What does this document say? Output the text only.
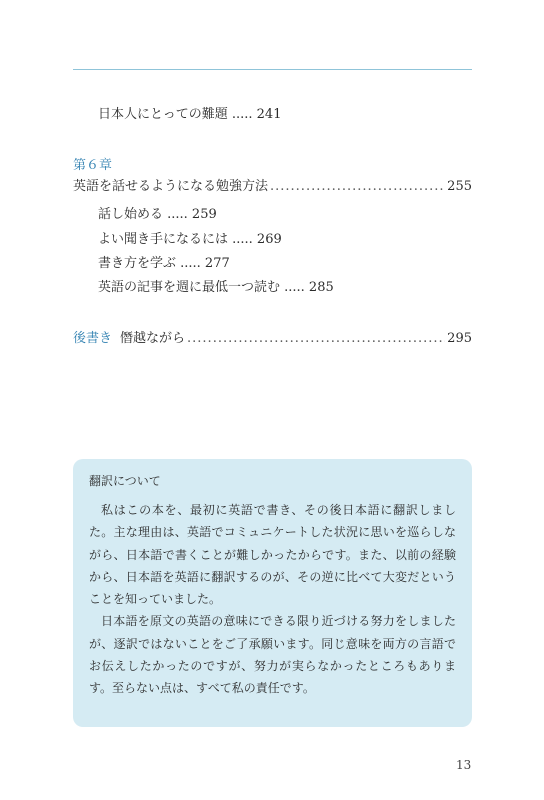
日本人にとっての難題 ..... 241
第６章
英語を話せるようになる勉強方法 .....	255
話し始める ..... 259
よい聞き手になるには ..... 269
書き方を学ぶ ..... 277
英語の記事を週に最低一つ読む ..... 285
後書き 僭越ながら .....	295
翻訳について

私はこの本を、最初に英語で書き、その後日本語に翻訳しました。主な理由は、英語でコミュニケートした状況に思いを巡らしながら、日本語で書くことが難しかったからです。また、以前の経験から、日本語を英語に翻訳するのが、その逆に比べて大変だということを知っていました。

日本語を原文の英語の意味にできる限り近づける努力をしましたが、逐訳ではないことをご了承願います。同じ意味を両方の言語でお伝えしたかったのですが、努力が実らなかったところもあります。至らない点は、すべて私の責任です。

13
